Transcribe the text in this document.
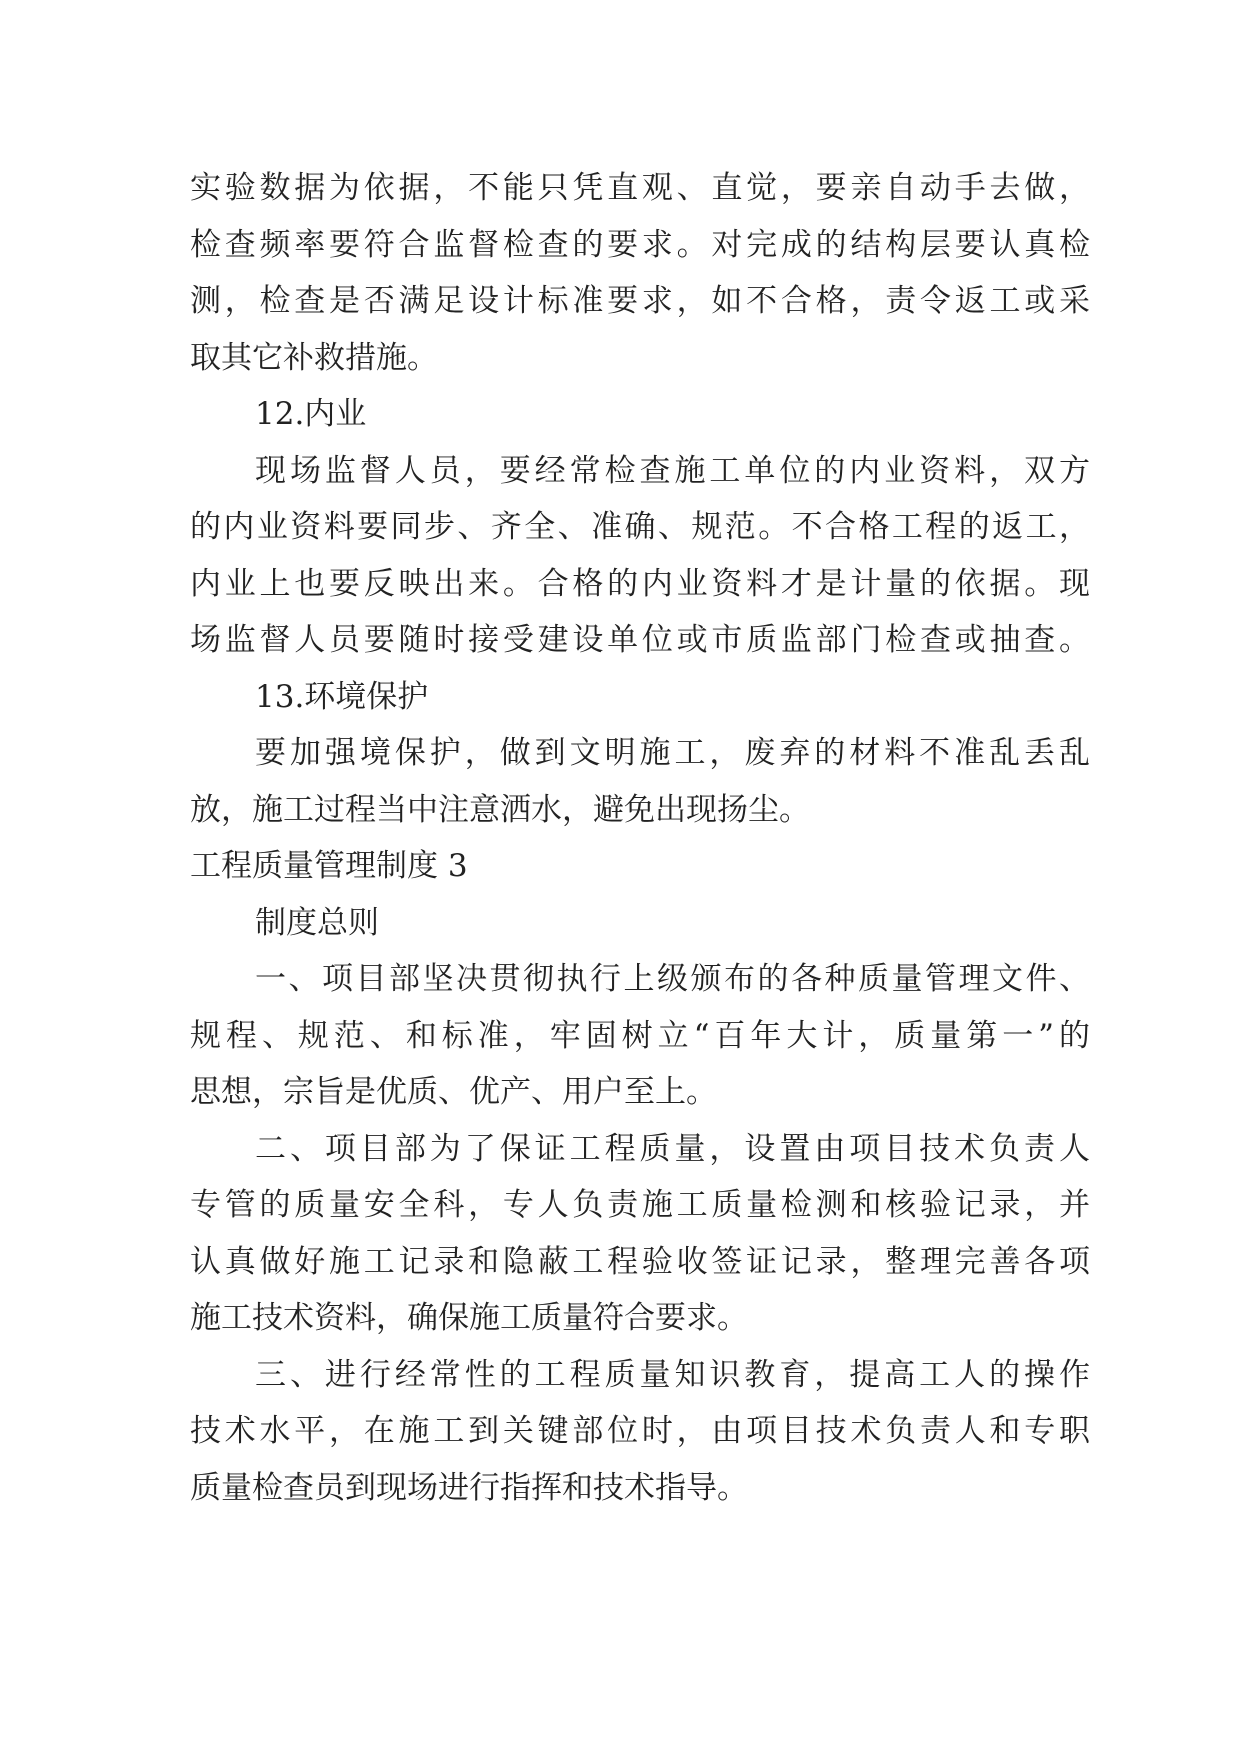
实验数据为依据，不能只凭直观、直觉，要亲自动手去做，
检查频率要符合监督检查的要求。对完成的结构层要认真检
测，检查是否满足设计标准要求，如不合格，责令返工或采
取其它补救措施。
12.内业
现场监督人员，要经常检查施工单位的内业资料，双方
的内业资料要同步、齐全、准确、规范。不合格工程的返工，
内业上也要反映出来。合格的内业资料才是计量的依据。现
场监督人员要随时接受建设单位或市质监部门检查或抽查。
13.环境保护
要加强境保护，做到文明施工，废弃的材料不准乱丢乱
放，施工过程当中注意洒水，避免出现扬尘。
工程质量管理制度 3
制度总则
一、项目部坚决贯彻执行上级颁布的各种质量管理文件、
规程、规范、和标准，牢固树立“百年大计，质量第一”的
思想，宗旨是优质、优产、用户至上。
二、项目部为了保证工程质量，设置由项目技术负责人
专管的质量安全科，专人负责施工质量检测和核验记录，并
认真做好施工记录和隐蔽工程验收签证记录，整理完善各项
施工技术资料，确保施工质量符合要求。
三、进行经常性的工程质量知识教育，提高工人的操作
技术水平，在施工到关键部位时，由项目技术负责人和专职
质量检查员到现场进行指挥和技术指导。
